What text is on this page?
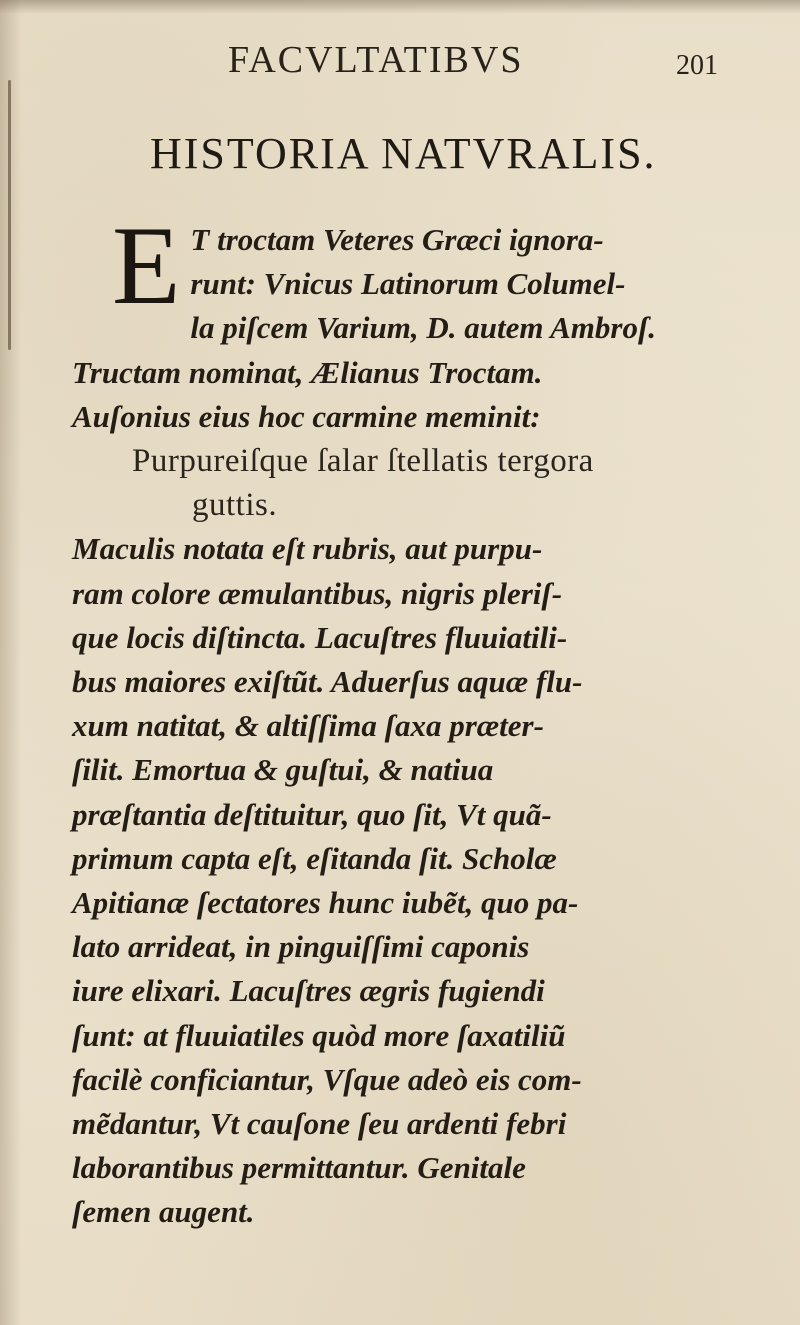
FACVLTATIBVS	201
HISTORIA NATVRALIS.
E T troctam Veteres Græci ignora-
runt: Vnicus Latinorum Columel-
la piſcem Varium, D. autem Ambroſ.
Tructam nominat, Ælianus Troctam.
Auſonius eius hoc carmine meminit:
Purpureiſque ſalar ſtellatis tergora
guttis.
Maculis notata eſt rubris, aut purpu-
ram colore æmulantibus, nigris pleriſ-
que locis diſtincta. Lacuſtres fluuiatili-
bus maiores exiſtũt. Aduerſus aquæ flu-
xum natitat, & altiſſima ſaxa præter-
ſilit. Emortua & guſtui, & natiua
præſtantia deſtituitur, quo ſit, Vt quã-
primum capta eſt, eſitanda ſit. Scholæ
Apitianæ ſectatores hunc iubẽt, quo pa-
lato arrideat, in pinguiſſimi caponis
iure elixari. Lacuſtres ægris fugiendi
ſunt: at fluuiatiles quòd more ſaxatiliũ
facilè conficiantur, Vſque adeò eis com-
mẽdantur, Vt cauſone ſeu ardenti febri
laborantibus permittantur. Genitale
ſemen augent.
